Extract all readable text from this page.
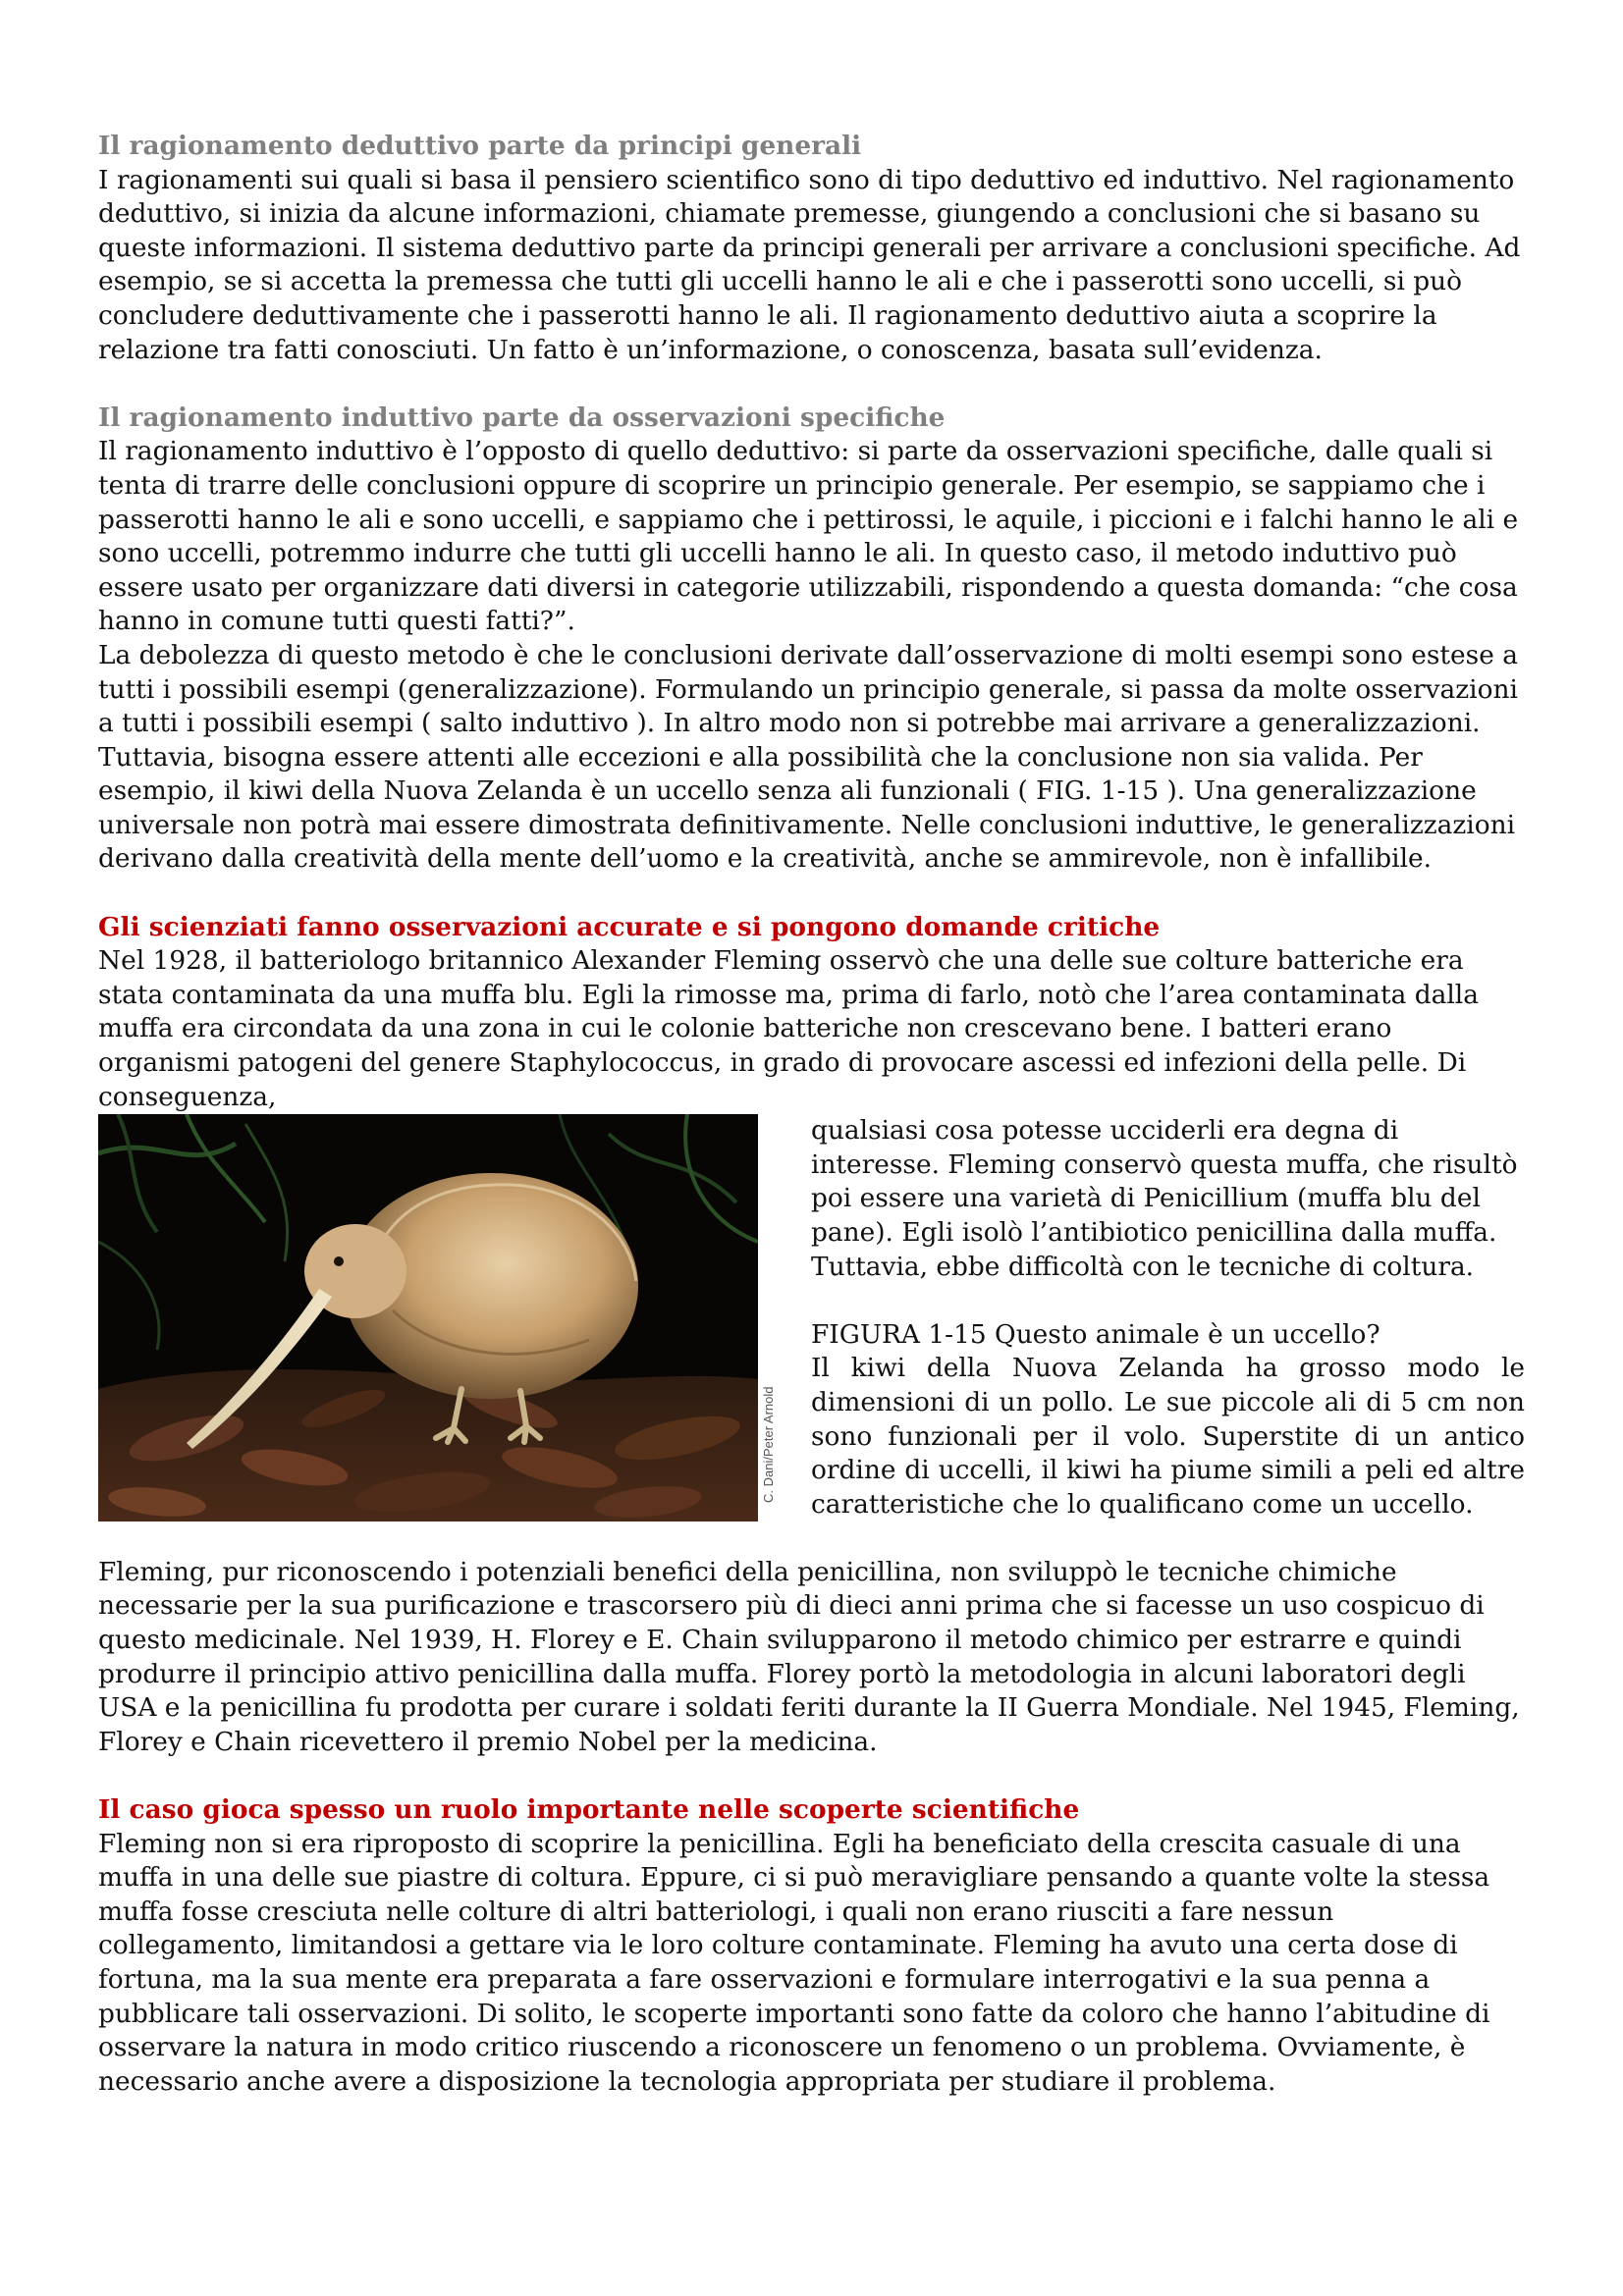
Il ragionamento deduttivo parte da principi generali

I ragionamenti sui quali si basa il pensiero scientifico sono di tipo deduttivo ed induttivo. Nel ragionamento deduttivo, si inizia da alcune informazioni, chiamate premesse, giungendo a conclusioni che si basano su queste informazioni. Il sistema deduttivo parte da principi generali per arrivare a conclusioni specifiche. Ad esempio, se si accetta la premessa che tutti gli uccelli hanno le ali e che i passerotti sono uccelli, si può concludere deduttivamente che i passerotti hanno le ali. Il ragionamento deduttivo aiuta a scoprire la relazione tra fatti conosciuti. Un fatto è un’informazione, o conoscenza, basata sull’evidenza.

Il ragionamento induttivo parte da osservazioni specifiche

Il ragionamento induttivo è l’opposto di quello deduttivo: si parte da osservazioni specifiche, dalle quali si tenta di trarre delle conclusioni oppure di scoprire un principio generale. Per esempio, se sappiamo che i passerotti hanno le ali e sono uccelli, e sappiamo che i pettirossi, le aquile, i piccioni e i falchi hanno le ali e sono uccelli, potremmo indurre che tutti gli uccelli hanno le ali. In questo caso, il metodo induttivo può essere usato per organizzare dati diversi in categorie utilizzabili, rispondendo a questa domanda: “che cosa hanno in comune tutti questi fatti?”.

La debolezza di questo metodo è che le conclusioni derivate dall’osservazione di molti esempi sono estese a tutti i possibili esempi (generalizzazione). Formulando un principio generale, si passa da molte osservazioni a tutti i possibili esempi ( salto induttivo ). In altro modo non si potrebbe mai arrivare a generalizzazioni. Tuttavia, bisogna essere attenti alle eccezioni e alla possibilità che la conclusione non sia valida. Per esempio, il kiwi della Nuova Zelanda è un uccello senza ali funzionali ( FIG. 1-15 ). Una generalizzazione universale non potrà mai essere dimostrata definitivamente. Nelle conclusioni induttive, le generalizzazioni derivano dalla creatività della mente dell’uomo e la creatività, anche se ammirevole, non è infallibile.

Gli scienziati fanno osservazioni accurate e si pongono domande critiche

Nel 1928, il batteriologo britannico Alexander Fleming osservò che una delle sue colture batteriche era stata contaminata da una muffa blu. Egli la rimosse ma, prima di farlo, notò che l’area contaminata dalla muffa era circondata da una zona in cui le colonie batteriche non crescevano bene. I batteri erano organismi patogeni del genere Staphylococcus, in grado di provocare ascessi ed infezioni della pelle. Di conseguenza,

C. Dani/Peter Arnold

qualsiasi cosa potesse ucciderli era degna di interesse. Fleming conservò questa muffa, che risultò poi essere una varietà di Penicillium (muffa blu del pane). Egli isolò l’antibiotico penicillina dalla muffa. Tuttavia, ebbe difficoltà con le tecniche di coltura.

FIGURA 1-15 Questo animale è un uccello?

Il kiwi della Nuova Zelanda ha grosso modo le dimensioni di un pollo. Le sue piccole ali di 5 cm non sono funzionali per il volo. Superstite di un antico ordine di uccelli, il kiwi ha piume simili a peli ed altre caratteristiche che lo qualificano come un uccello.

Fleming, pur riconoscendo i potenziali benefici della penicillina, non sviluppò le tecniche chimiche necessarie per la sua purificazione e trascorsero più di dieci anni prima che si facesse un uso cospicuo di questo medicinale. Nel 1939, H. Florey e E. Chain svilupparono il metodo chimico per estrarre e quindi produrre il principio attivo penicillina dalla muffa. Florey portò la metodologia in alcuni laboratori degli USA e la penicillina fu prodotta per curare i soldati feriti durante la II Guerra Mondiale. Nel 1945, Fleming, Florey e Chain ricevettero il premio Nobel per la medicina.

Il caso gioca spesso un ruolo importante nelle scoperte scientifiche

Fleming non si era riproposto di scoprire la penicillina. Egli ha beneficiato della crescita casuale di una muffa in una delle sue piastre di coltura. Eppure, ci si può meravigliare pensando a quante volte la stessa muffa fosse cresciuta nelle colture di altri batteriologi, i quali non erano riusciti a fare nessun collegamento, limitandosi a gettare via le loro colture contaminate. Fleming ha avuto una certa dose di fortuna, ma la sua mente era preparata a fare osservazioni e formulare interrogativi e la sua penna a pubblicare tali osservazioni. Di solito, le scoperte importanti sono fatte da coloro che hanno l’abitudine di osservare la natura in modo critico riuscendo a riconoscere un fenomeno o un problema. Ovviamente, è necessario anche avere a disposizione la tecnologia appropriata per studiare il problema.
